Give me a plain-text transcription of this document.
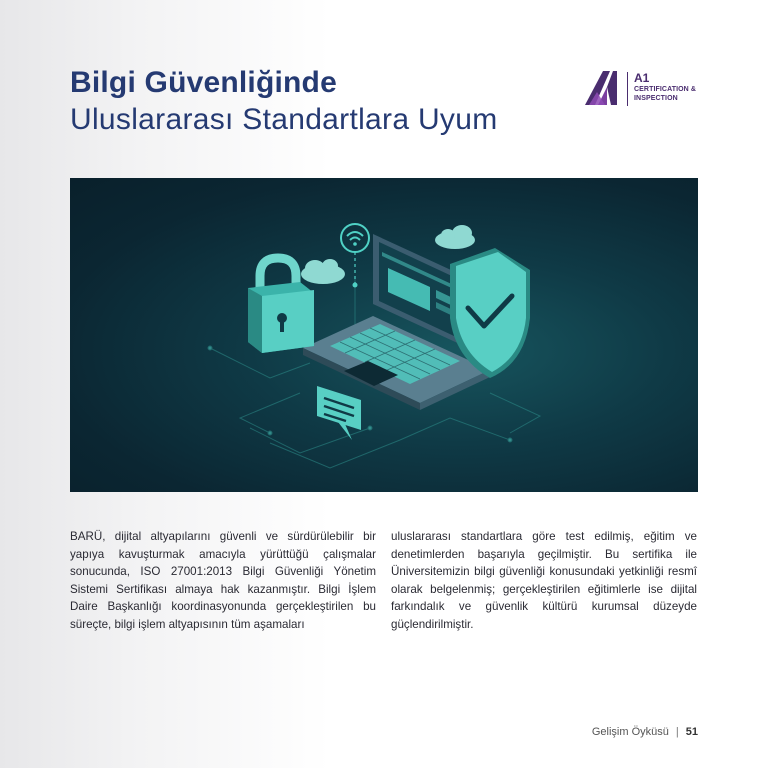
Bilgi Güvenliğinde
Uluslararası Standartlara Uyum
A1
CERTIFICATION &
INSPECTION

BARÜ, dijital altyapılarını güvenli ve sürdürülebilir bir yapıya kavuşturmak amacıyla yürüttüğü çalışmalar sonucunda, ISO 27001:2013 Bilgi Güvenliği Yönetim Sistemi Sertifikası almaya hak kazanmıştır. Bilgi İşlem Daire Başkanlığı koordinasyonunda gerçekleştirilen bu süreçte, bilgi işlem altyapısının tüm aşamaları

uluslararası standartlara göre test edilmiş, eğitim ve denetimlerden başarıyla geçilmiştir. Bu sertifika ile Üniversitemizin bilgi güvenliği konusundaki yetkinliği resmî olarak belgelenmiş; gerçekleştirilen eğitimlerle ise dijital farkındalık ve güvenlik kültürü kurumsal düzeyde güçlendirilmiştir.

Gelişim Öyküsü | 51
